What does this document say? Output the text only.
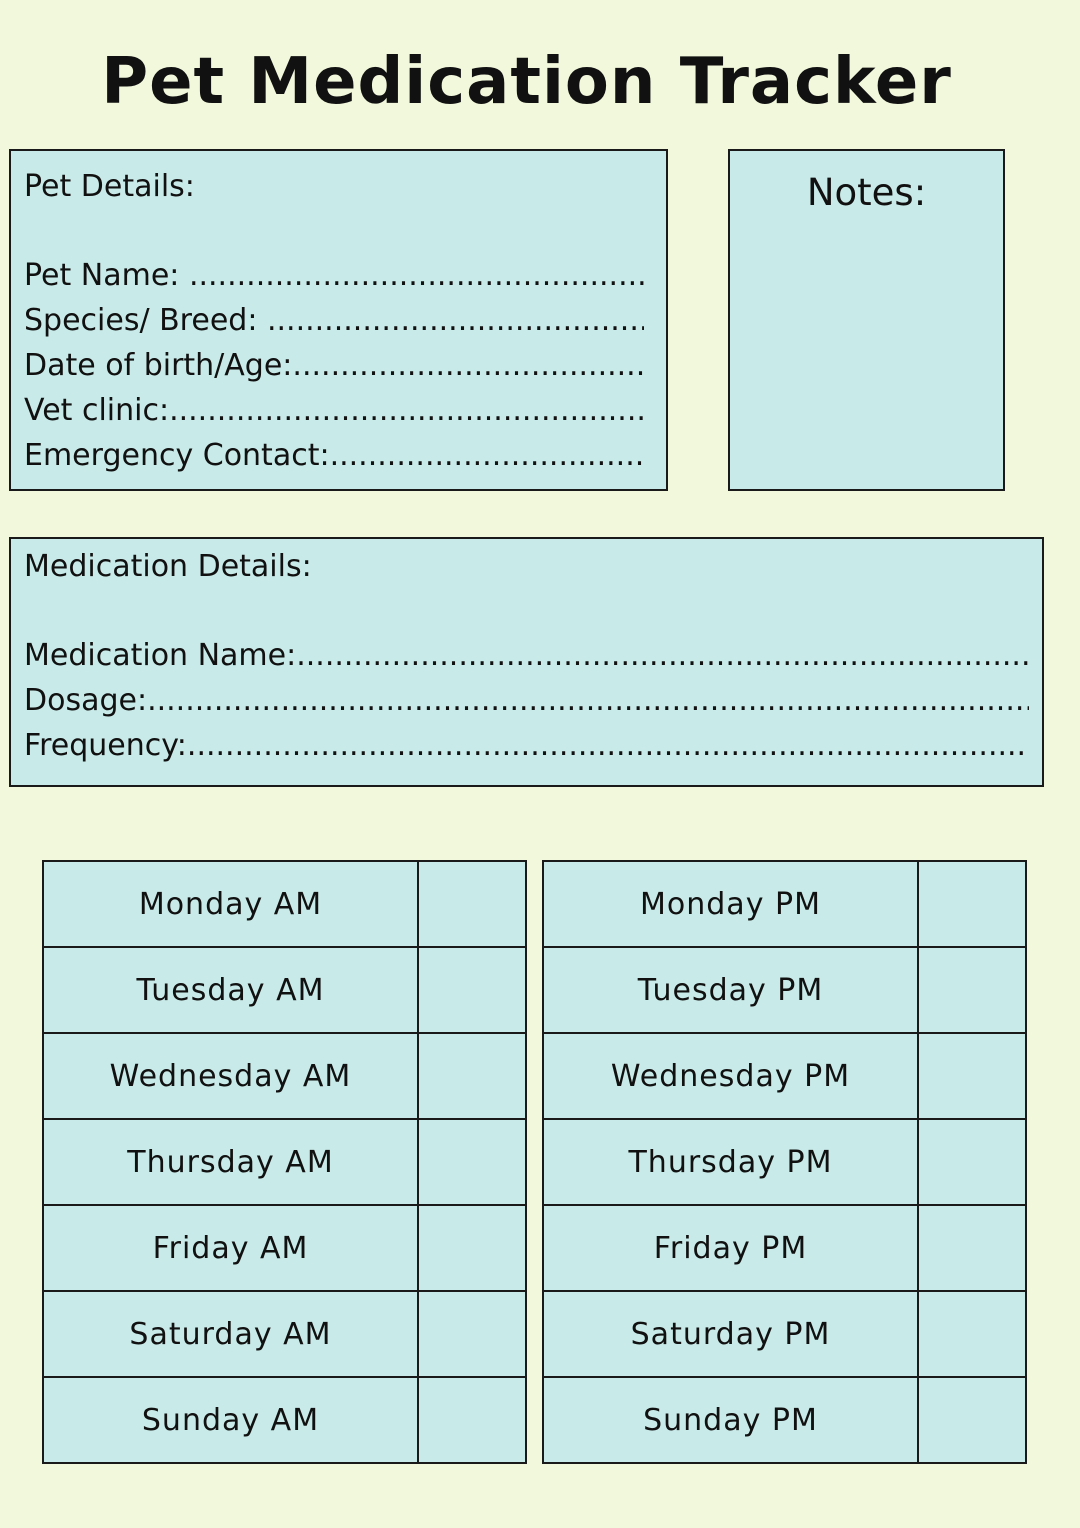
Pet Medication Tracker
Pet Details:
Pet Name: .....
Species/ Breed: .....
Date of birth/Age: .....
Vet clinic: .....
Emergency Contact: .....
Notes:
Medication Details:
Medication Name: .....
Dosage: .....
Frequency: .....
Monday AM	
Tuesday AM	
Wednesday AM	
Thursday AM	
Friday AM	
Saturday AM	
Sunday AM	
Monday PM	
Tuesday PM	
Wednesday PM	
Thursday PM	
Friday PM	
Saturday PM	
Sunday PM	
